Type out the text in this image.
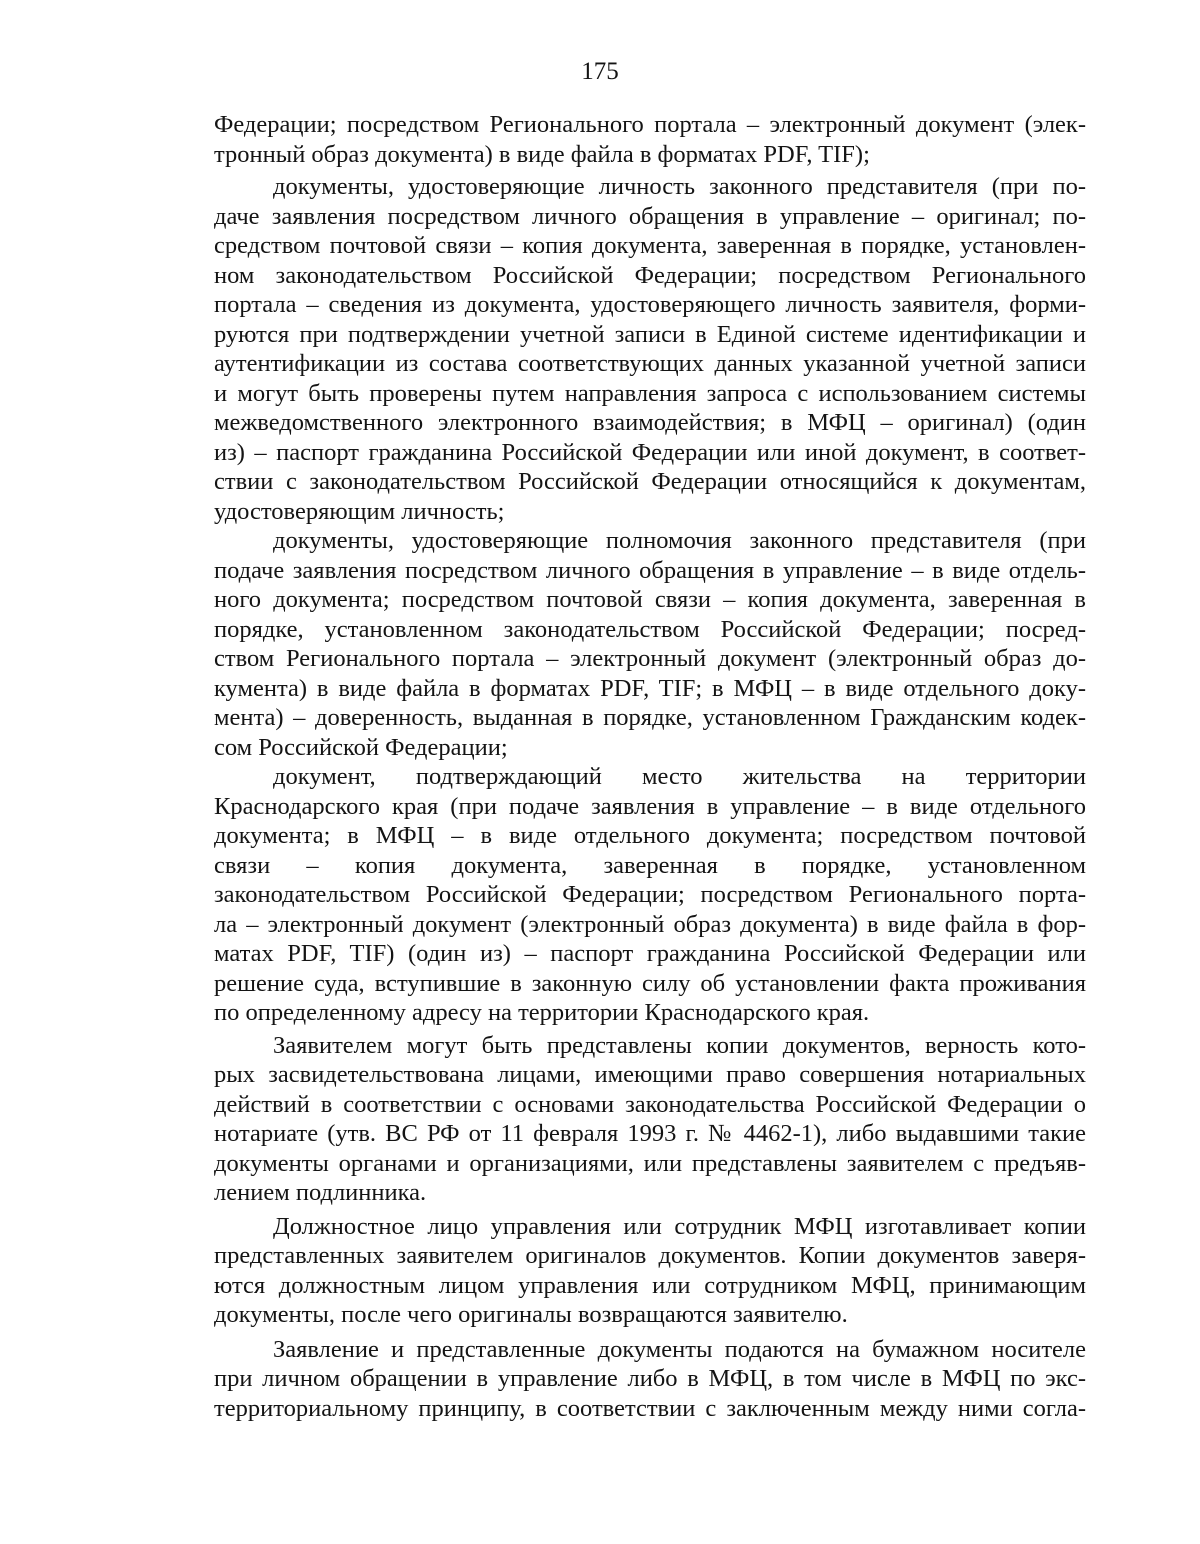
175
Федерации; посредством Регионального портала – электронный документ (элек-
тронный образ документа) в виде файла в форматах PDF, TIF);
документы, удостоверяющие личность законного представителя (при по-
даче заявления посредством личного обращения в управление – оригинал; по-
средством почтовой связи – копия документа, заверенная в порядке, установлен-
ном законодательством Российской Федерации; посредством Регионального
портала – сведения из документа, удостоверяющего личность заявителя, форми-
руются при подтверждении учетной записи в Единой системе идентификации и
аутентификации из состава соответствующих данных указанной учетной записи
и могут быть проверены путем направления запроса с использованием системы
межведомственного электронного взаимодействия; в МФЦ – оригинал) (один
из) – паспорт гражданина Российской Федерации или иной документ, в соответ-
ствии с законодательством Российской Федерации относящийся к документам,
удостоверяющим личность;
документы, удостоверяющие полномочия законного представителя (при
подаче заявления посредством личного обращения в управление – в виде отдель-
ного документа; посредством почтовой связи – копия документа, заверенная в
порядке, установленном законодательством Российской Федерации; посред-
ством Регионального портала – электронный документ (электронный образ до-
кумента) в виде файла в форматах PDF, TIF; в МФЦ – в виде отдельного доку-
мента) – доверенность, выданная в порядке, установленном Гражданским кодек-
сом Российской Федерации;
документ, подтверждающий место жительства на территории
Краснодарского края (при подаче заявления в управление – в виде отдельного
документа; в МФЦ – в виде отдельного документа; посредством почтовой
связи – копия документа, заверенная в порядке, установленном
законодательством Российской Федерации; посредством Регионального порта-
ла – электронный документ (электронный образ документа) в виде файла в фор-
матах PDF, TIF) (один из) – паспорт гражданина Российской Федерации или
решение суда, вступившие в законную силу об установлении факта проживания
по определенному адресу на территории Краснодарского края.
Заявителем могут быть представлены копии документов, верность кото-
рых засвидетельствована лицами, имеющими право совершения нотариальных
действий в соответствии с основами законодательства Российской Федерации о
нотариате (утв. ВС РФ от 11 февраля 1993 г. № 4462-1), либо выдавшими такие
документы органами и организациями, или представлены заявителем с предъяв-
лением подлинника.
Должностное лицо управления или сотрудник МФЦ изготавливает копии
представленных заявителем оригиналов документов. Копии документов заверя-
ются должностным лицом управления или сотрудником МФЦ, принимающим
документы, после чего оригиналы возвращаются заявителю.
Заявление и представленные документы подаются на бумажном носителе
при личном обращении в управление либо в МФЦ, в том числе в МФЦ по экс-
территориальному принципу, в соответствии с заключенным между ними согла-
